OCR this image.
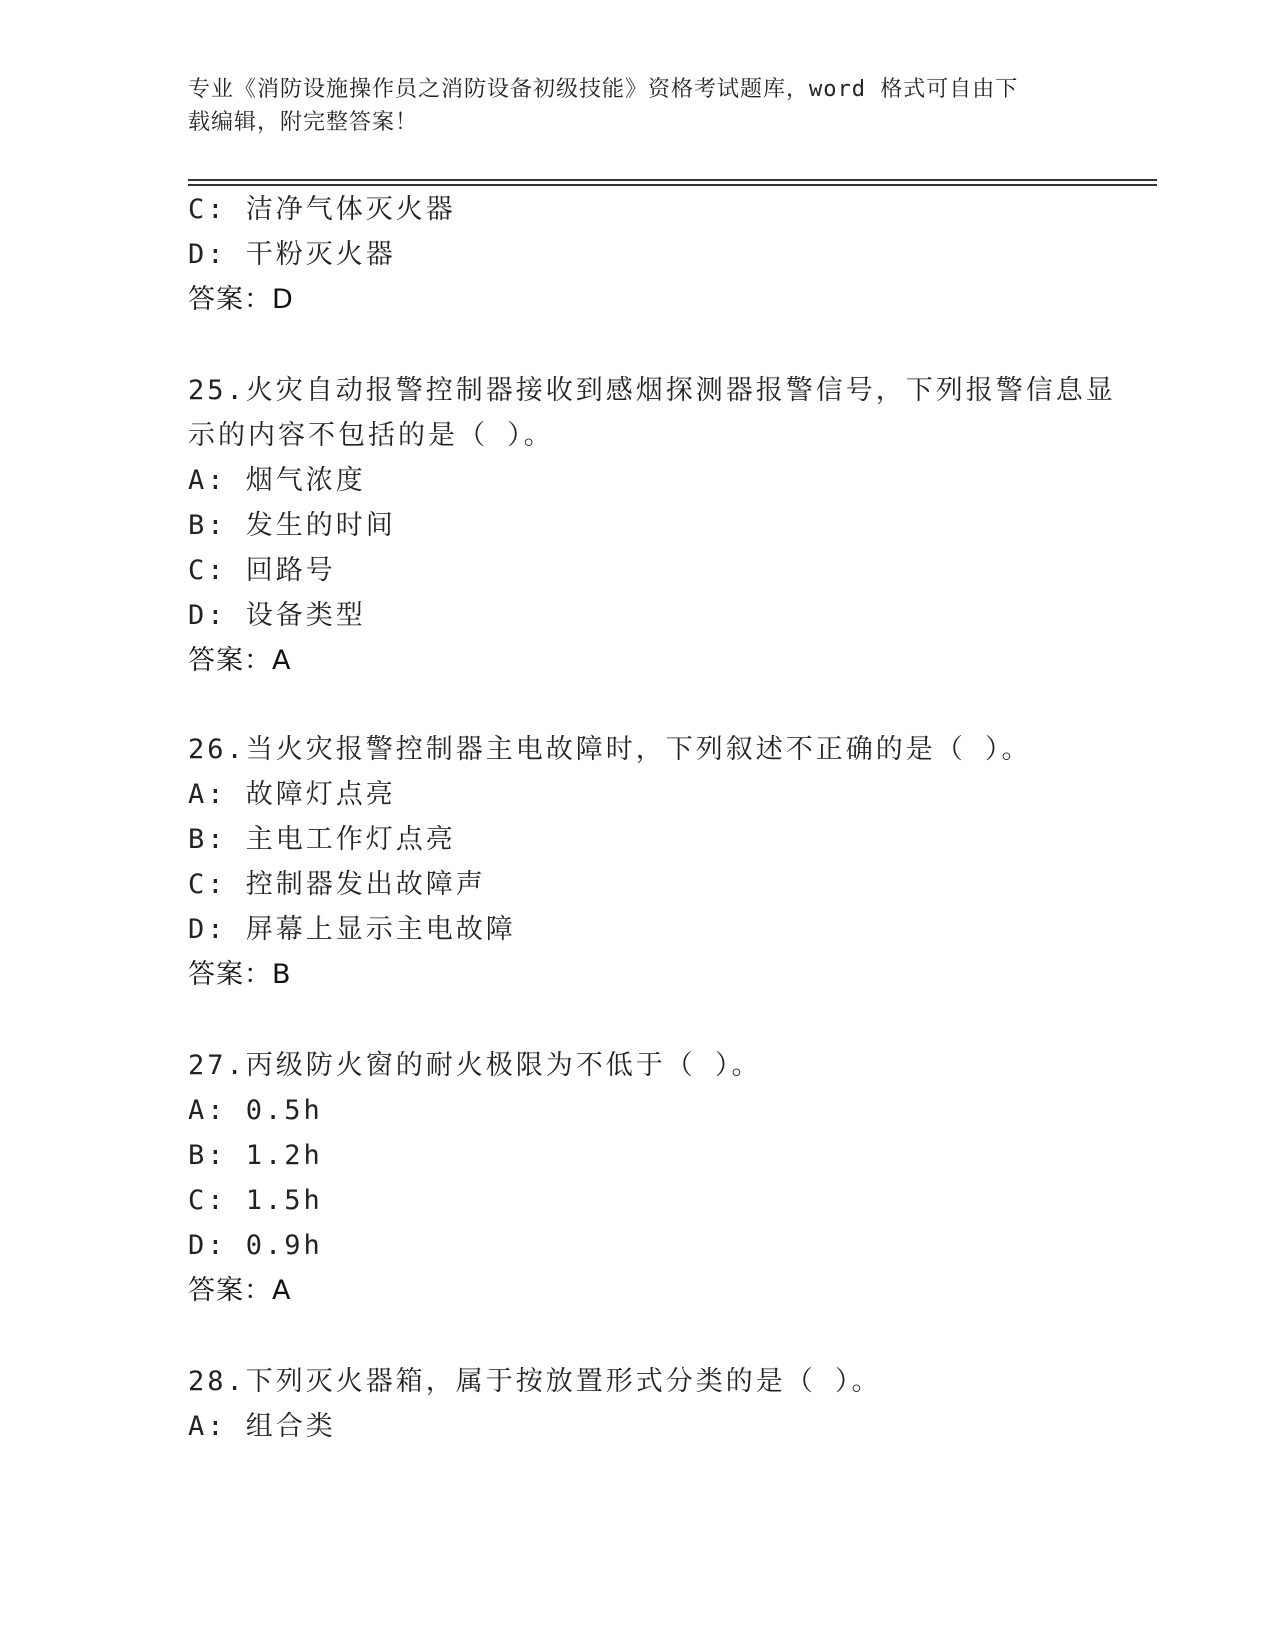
专业《消防设施操作员之消防设备初级技能》资格考试题库，word 格式可自由下
载编辑，附完整答案！
C: 洁净气体灭火器
D: 干粉灭火器
答案：D
25.火灾自动报警控制器接收到感烟探测器报警信号，下列报警信息显
示的内容不包括的是（ ）。
A: 烟气浓度
B: 发生的时间
C: 回路号
D: 设备类型
答案：A
26.当火灾报警控制器主电故障时，下列叙述不正确的是（ ）。
A: 故障灯点亮
B: 主电工作灯点亮
C: 控制器发出故障声
D: 屏幕上显示主电故障
答案：B
27.丙级防火窗的耐火极限为不低于（ ）。
A: 0.5h
B: 1.2h
C: 1.5h
D: 0.9h
答案：A
28.下列灭火器箱，属于按放置形式分类的是（ ）。
A: 组合类
